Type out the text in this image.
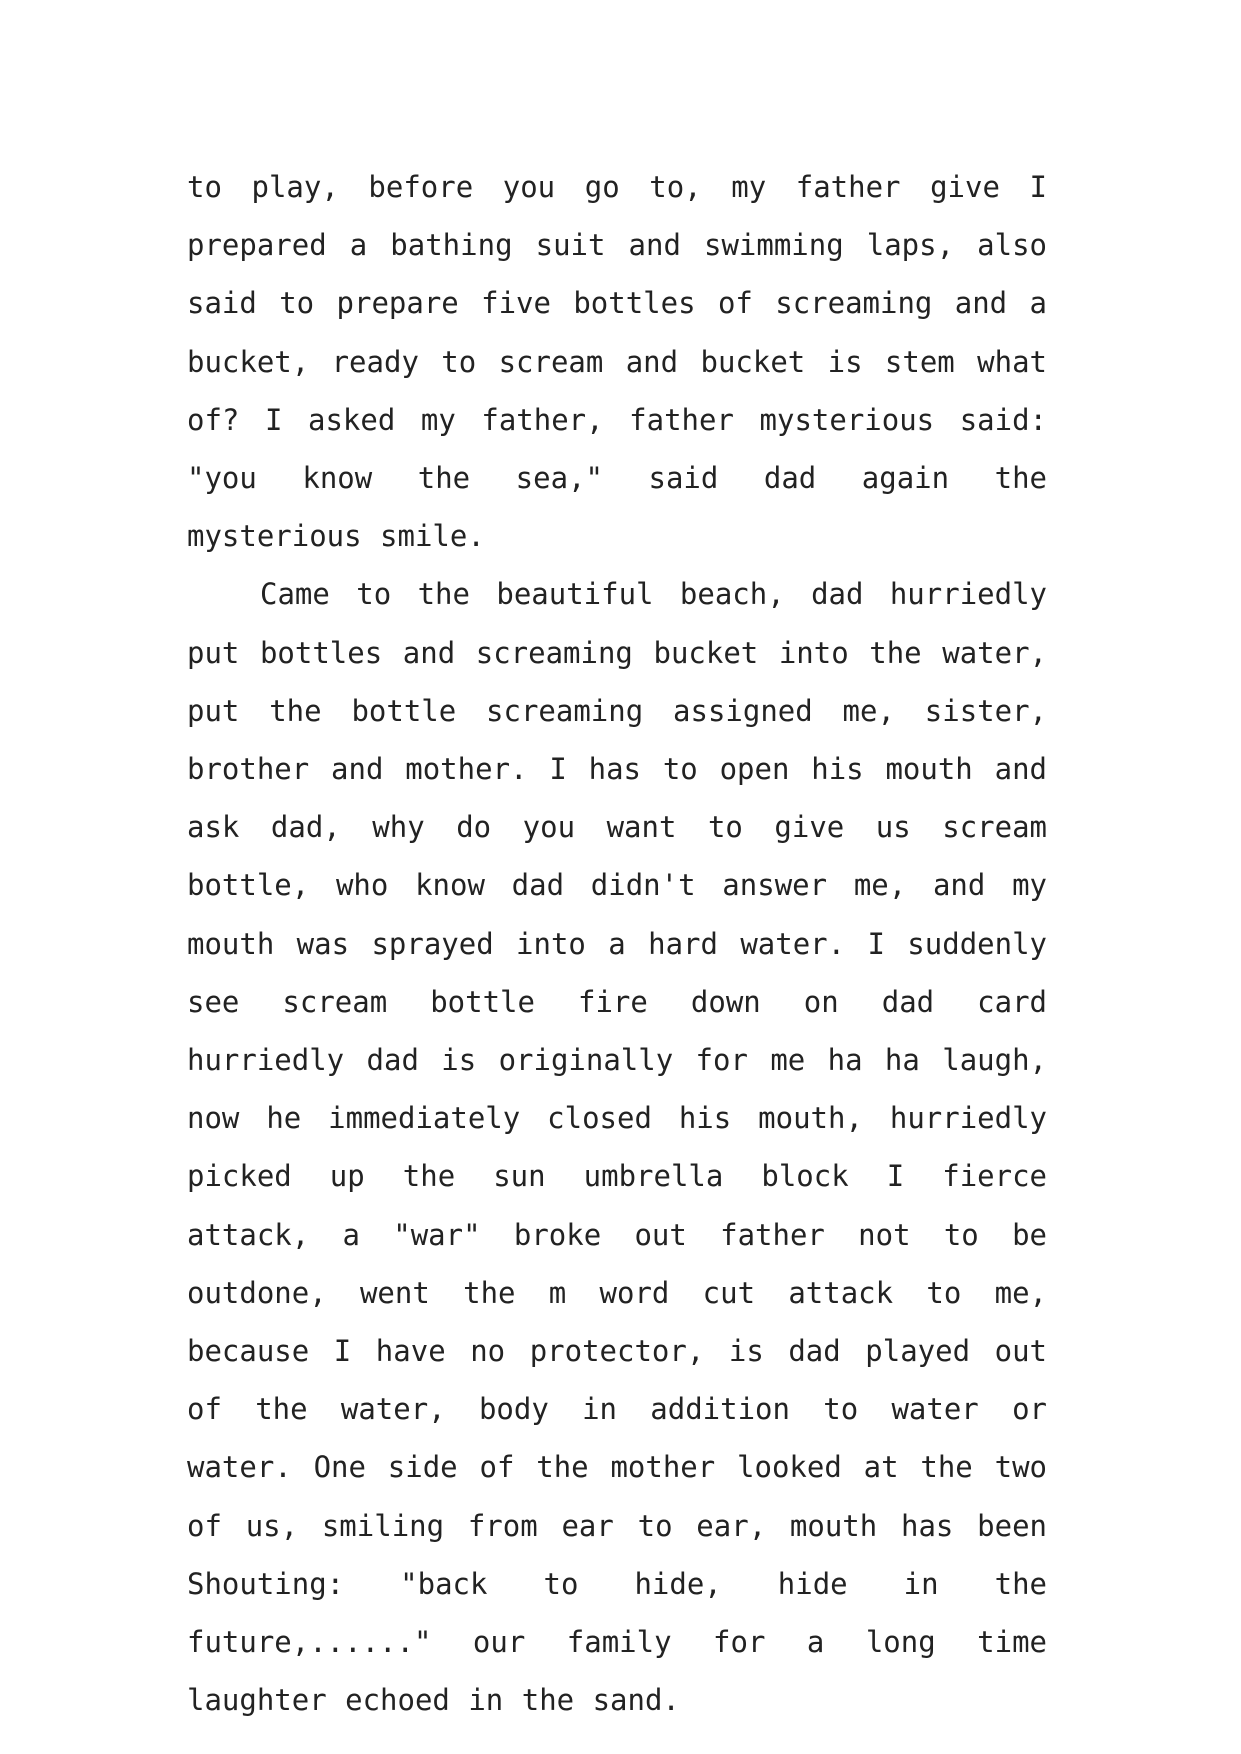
to play, before you go to, my father give I prepared a bathing suit and swimming laps, also said to prepare five bottles of screaming and a bucket, ready to scream and bucket is stem what of? I asked my father, father mysterious said: "you know the sea," said dad again the mysterious smile.

Came to the beautiful beach, dad hurriedly put bottles and screaming bucket into the water, put the bottle screaming assigned me, sister, brother and mother. I has to open his mouth and ask dad, why do you want to give us scream bottle, who know dad didn't answer me, and my mouth was sprayed into a hard water. I suddenly see scream bottle fire down on dad card hurriedly dad is originally for me ha ha laugh, now he immediately closed his mouth, hurriedly picked up the sun umbrella block I fierce attack, a "war" broke out father not to be outdone, went the m word cut attack to me, because I have no protector, is dad played out of the water, body in addition to water or water. One side of the mother looked at the two of us, smiling from ear to ear, mouth has been Shouting: "back to hide, hide in the future,......" our family for a long time laughter echoed in the sand.
